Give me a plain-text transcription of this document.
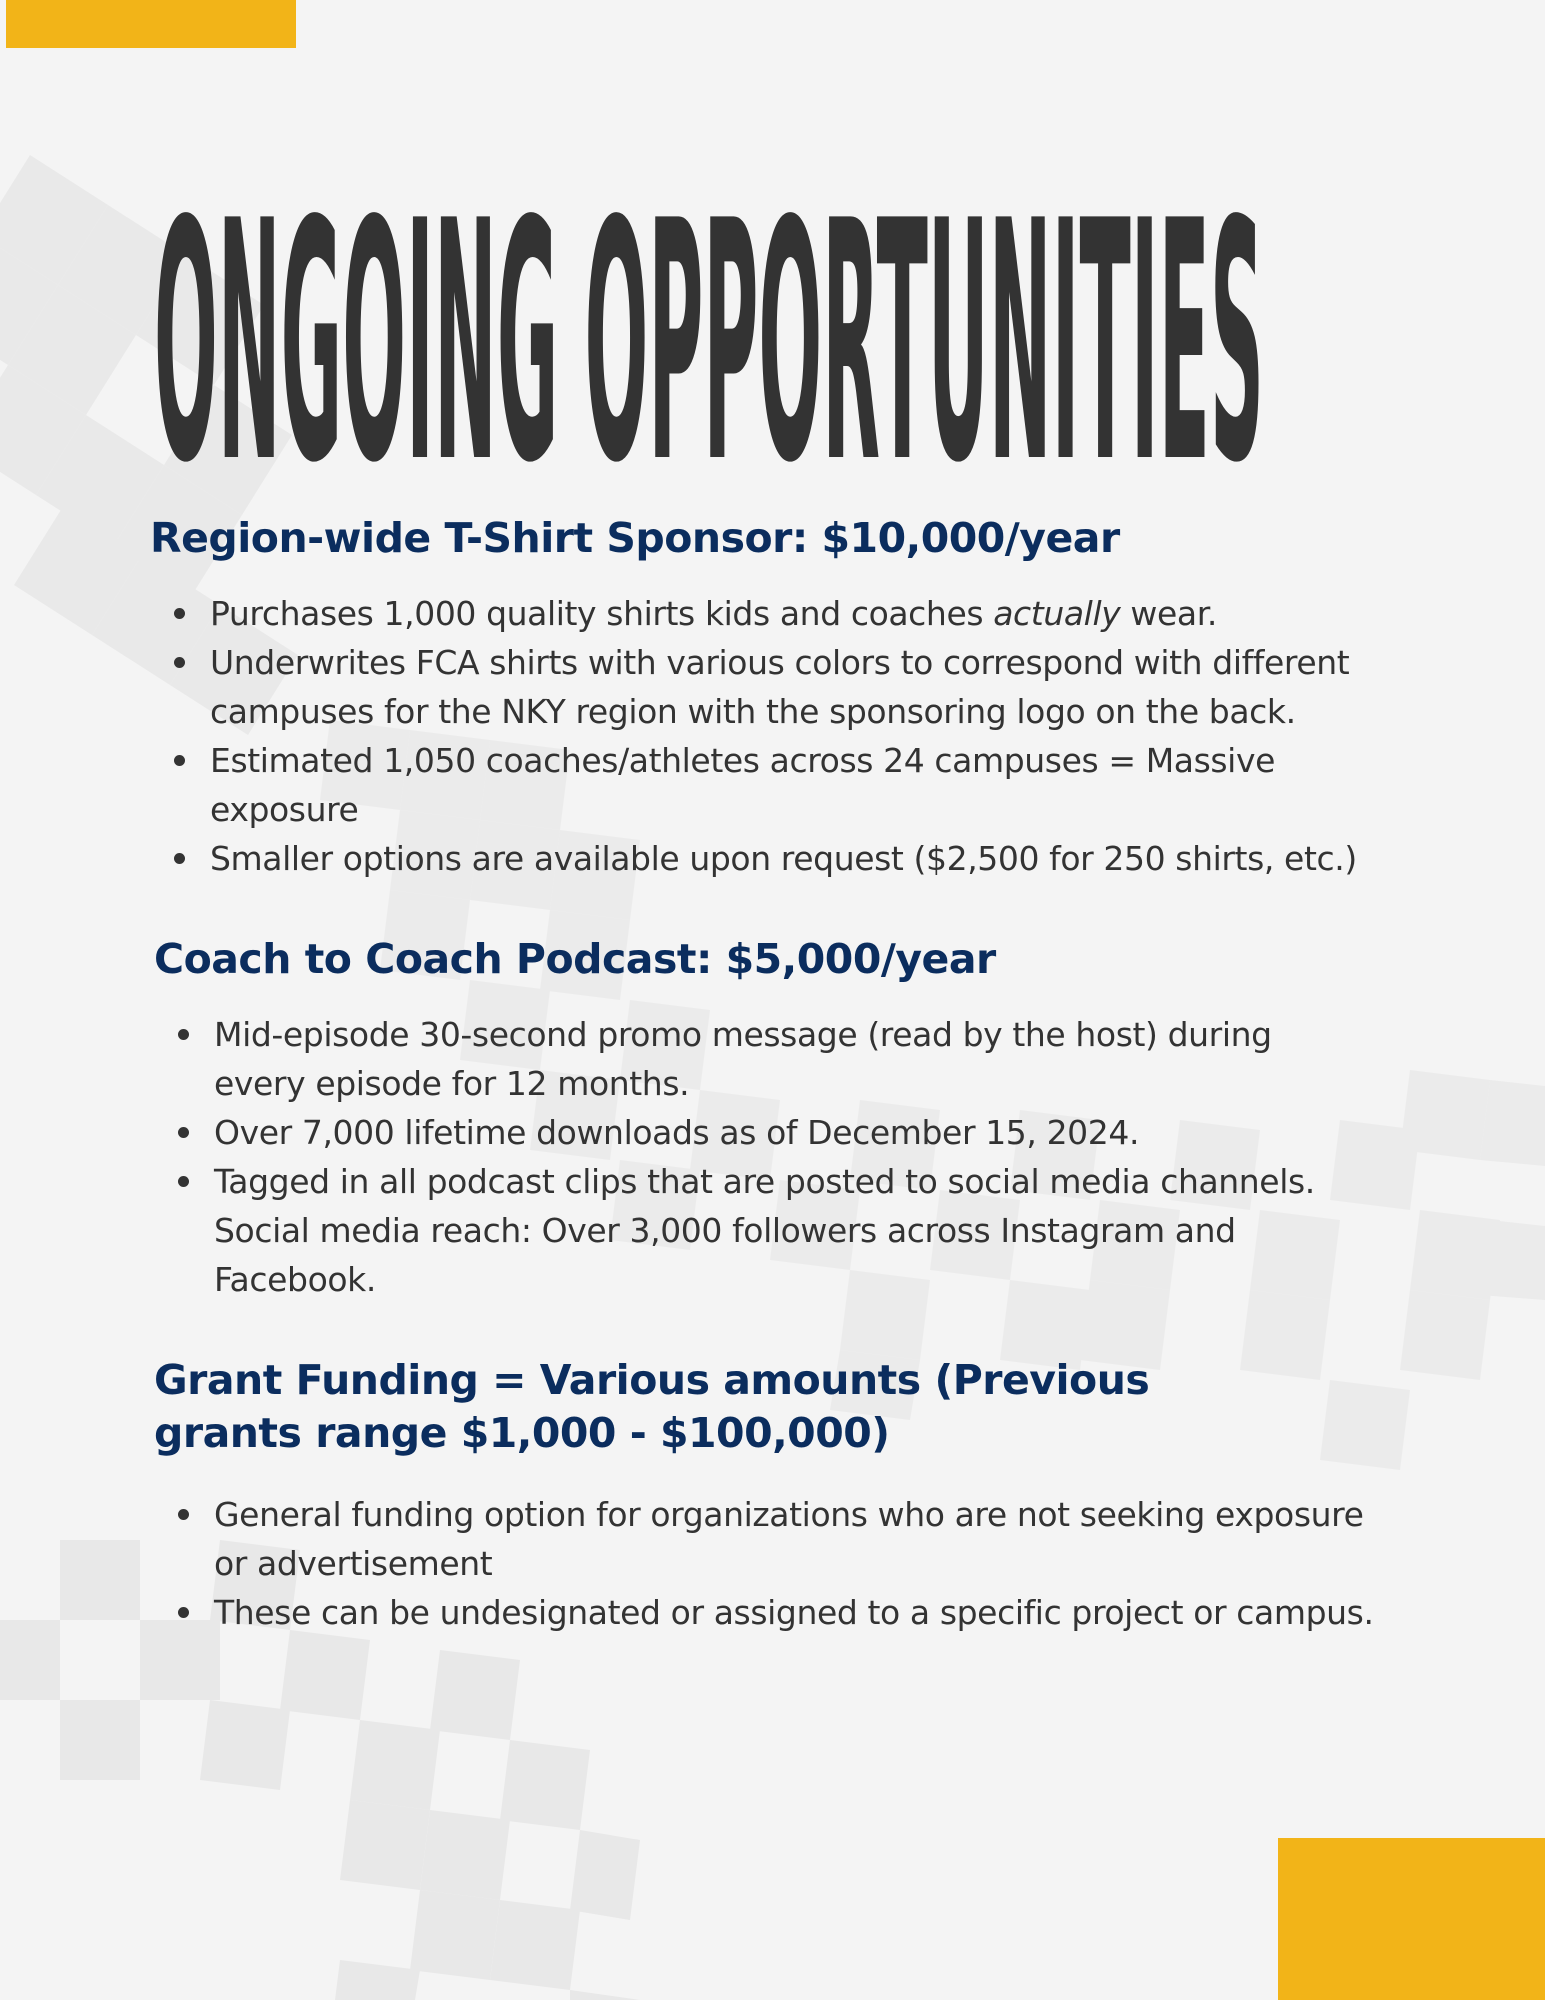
ONGOING OPPORTUNITIES
Region-wide T-Shirt Sponsor: $10,000/year
Purchases 1,000 quality shirts kids and coaches actually wear.
Underwrites FCA shirts with various colors to correspond with different campuses for the NKY region with the sponsoring logo on the back.
Estimated 1,050 coaches/athletes across 24 campuses = Massive exposure
Smaller options are available upon request ($2,500 for 250 shirts, etc.)
Coach to Coach Podcast: $5,000/year
Mid-episode 30-second promo message (read by the host) during every episode for 12 months.
Over 7,000 lifetime downloads as of December 15, 2024.
Tagged in all podcast clips that are posted to social media channels. Social media reach: Over 3,000 followers across Instagram and Facebook.
Grant Funding = Various amounts (Previous grants range $1,000 - $100,000)
General funding option for organizations who are not seeking exposure or advertisement
These can be undesignated or assigned to a specific project or campus.
